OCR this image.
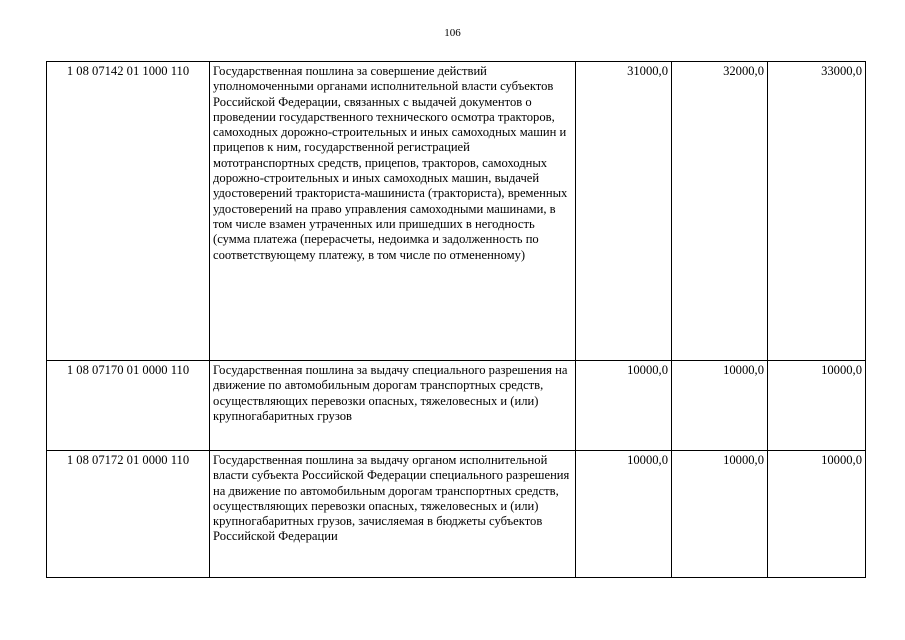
106
1 08 07142 01 1000 110	Государственная пошлина за совершение действий уполномоченными органами исполнительной власти субъектов Российской Федерации, связанных с выдачей документов о проведении государственного технического осмотра тракторов, самоходных дорожно-строительных и иных самоходных машин и прицепов к ним, государственной регистрацией мототранспортных средств, прицепов, тракторов, самоходных дорожно-строительных и иных самоходных машин, выдачей удостоверений тракториста-машиниста (тракториста), временных удостоверений на право управления самоходными машинами, в том числе взамен утраченных или пришедших в негодность (сумма платежа (перерасчеты, недоимка и задолженность по соответствующему платежу, в том числе по отмененному)	31000,0	32000,0	33000,0
1 08 07170 01 0000 110	Государственная пошлина за выдачу специального разрешения на движение по автомобильным дорогам транспортных средств, осуществляющих перевозки опасных, тяжеловесных и (или) крупногабаритных грузов	10000,0	10000,0	10000,0
1 08 07172 01 0000 110	Государственная пошлина за выдачу органом исполнительной власти субъекта Российской Федерации специального разрешения на движение по автомобильным дорогам транспортных средств, осуществляющих перевозки опасных, тяжеловесных и (или) крупногабаритных грузов, зачисляемая в бюджеты субъектов Российской Федерации	10000,0	10000,0	10000,0
